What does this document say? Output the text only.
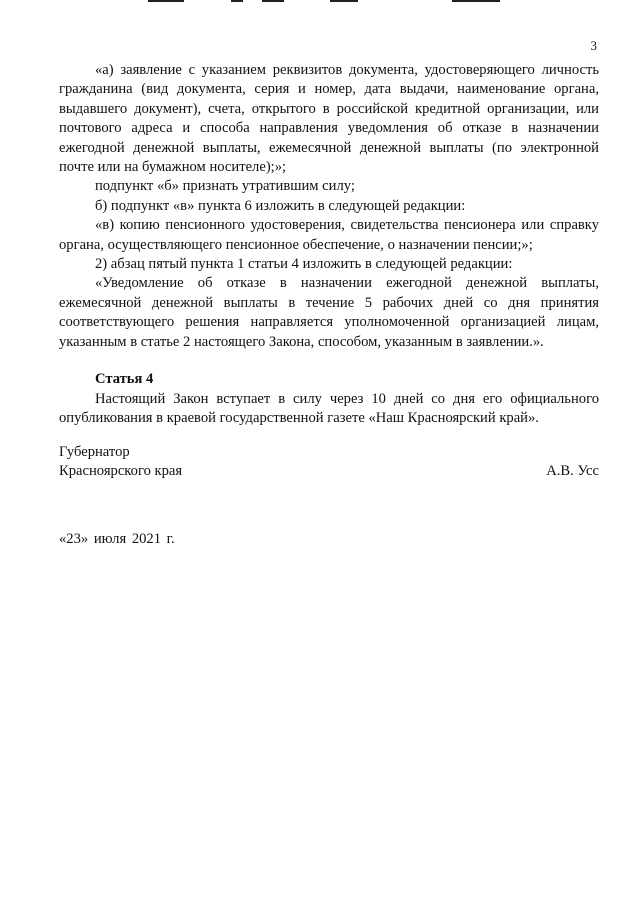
3

«а) заявление с указанием реквизитов документа, удостоверяющего личность гражданина (вид документа, серия и номер, дата выдачи, наименование органа, выдавшего документ), счета, открытого в российской кредитной организации, или почтового адреса и способа направления уведомления об отказе в назначении ежегодной денежной выплаты, ежемесячной денежной выплаты (по электронной почте или на бумажном носителе);»;

подпункт «б» признать утратившим силу;

б) подпункт «в» пункта 6 изложить в следующей редакции:

«в) копию пенсионного удостоверения, свидетельства пенсионера или справку органа, осуществляющего пенсионное обеспечение, о назначении пенсии;»;

2) абзац пятый пункта 1 статьи 4 изложить в следующей редакции:

«Уведомление об отказе в назначении ежегодной денежной выплаты, ежемесячной денежной выплаты в течение 5 рабочих дней со дня принятия соответствующего решения направляется уполномоченной организацией лицам, указанным в статье 2 настоящего Закона, способом, указанным в заявлении.».

Статья 4

Настоящий Закон вступает в силу через 10 дней со дня его официального опубликования в краевой государственной газете «Наш Красноярский край».

Губернатор
Красноярского края	А.В. Усс
«23» июля 2021 г.
